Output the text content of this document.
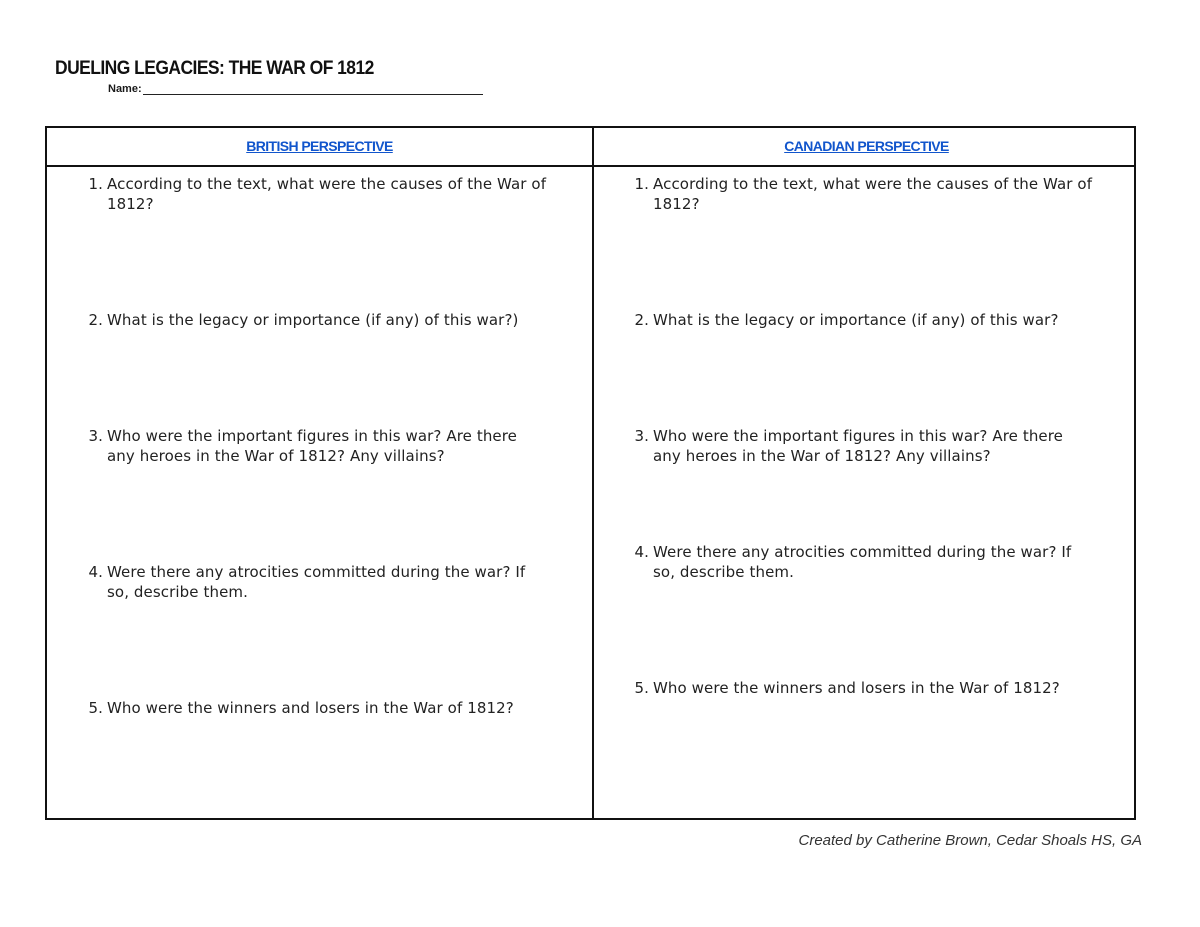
DUELING LEGACIES: THE WAR OF 1812
Name:
BRITISH PERSPECTIVE	CANADIAN PERSPECTIVE
1. According to the text, what were the causes of the War of 1812?
2. What is the legacy or importance (if any) of this war?)
3. Who were the important figures in this war? Are there any heroes in the War of 1812? Any villains?
4. Were there any atrocities committed during the war? If so, describe them.
5. Who were the winners and losers in the War of 1812?
1. According to the text, what were the causes of the War of 1812?
2. What is the legacy or importance (if any) of this war?
3. Who were the important figures in this war? Are there any heroes in the War of 1812? Any villains?
4. Were there any atrocities committed during the war? If so, describe them.
5. Who were the winners and losers in the War of 1812?
Created by Catherine Brown, Cedar Shoals HS, GA
